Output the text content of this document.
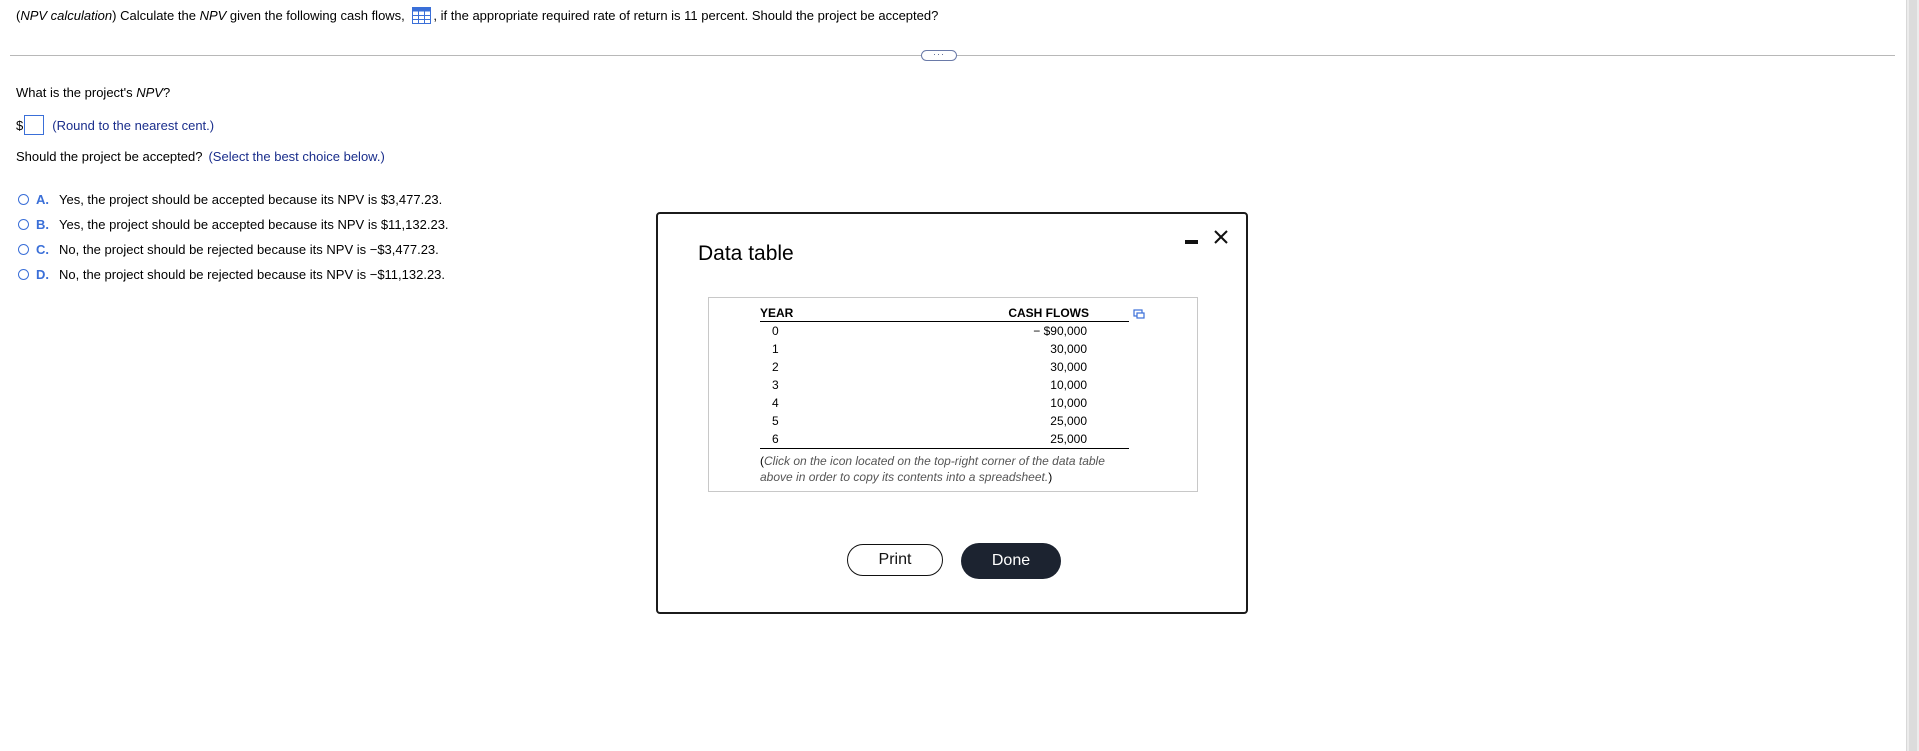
(NPV calculation) Calculate the NPV given the following cash flows, , if the appropriate required rate of return is 11 percent. Should the project be accepted?
···
What is the project's NPV?
$ (Round to the nearest cent.)
Should the project be accepted? (Select the best choice below.)
A. Yes, the project should be accepted because its NPV is $3,477.23.
B. Yes, the project should be accepted because its NPV is $11,132.23.
C. No, the project should be rejected because its NPV is −$3,477.23.
D. No, the project should be rejected because its NPV is −$11,132.23.
Data table
YEAR	CASH FLOWS
0	− $90,000
1	30,000
2	30,000
3	10,000
4	10,000
5	25,000
6	25,000
(Click on the icon located on the top-right corner of the data table above in order to copy its contents into a spreadsheet.)
Print	Done
